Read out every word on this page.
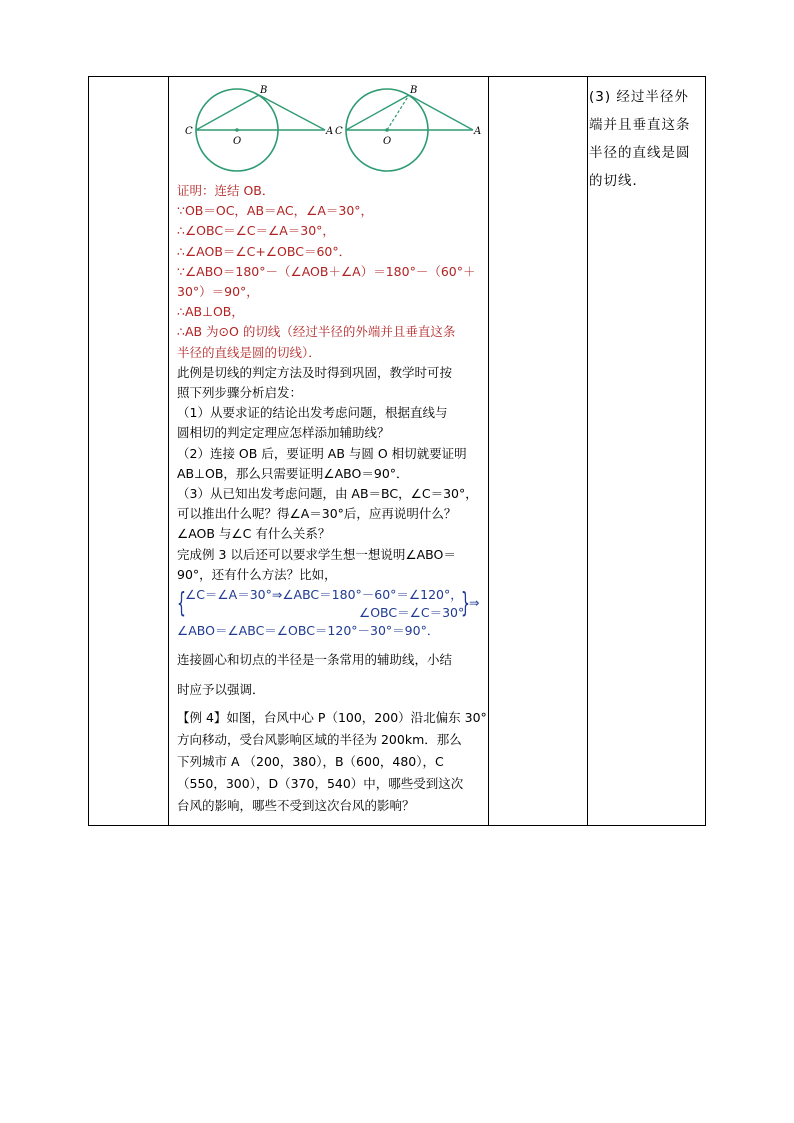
B
C
O
A
B
C
O
A
证明：连结 OB．
∵OB＝OC，AB＝AC，∠A＝30°，
∴∠OBC＝∠C＝∠A＝30°，
∴∠AOB＝∠C+∠OBC＝60°．
∵∠ABO＝180°－（∠AOB＋∠A）＝180°－（60°＋
30°）＝90°，
∴AB⊥OB，
∴AB 为⊙O 的切线（经过半径的外端并且垂直这条
半径的直线是圆的切线）．
此例是切线的判定方法及时得到巩固，教学时可按
照下列步骤分析启发：
（1）从要求证的结论出发考虑问题，根据直线与
圆相切的判定定理应怎样添加辅助线？
（2）连接 OB 后，要证明 AB 与圆 O 相切就要证明
AB⊥OB，那么只需要证明∠ABO＝90°．
（3）从已知出发考虑问题，由 AB＝BC，∠C＝30°，
可以推出什么呢？得∠A＝30°后，应再说明什么？
∠AOB 与∠C 有什么关系？
完成例 3 以后还可以要求学生想一想说明∠ABO＝
90°，还有什么方法？比如，
{ ∠C＝∠A＝30°⇒∠ABC＝180°－60°＝∠120°，
∠OBC＝∠C＝30°
} ⇒
∠ABO＝∠ABC＝∠OBC＝120°－30°＝90°．
连接圆心和切点的半径是一条常用的辅助线，小结
时应予以强调．
【例 4】如图，台风中心 P（100，200）沿北偏东 30°
方向移动，受台风影响区域的半径为 200km．那么
下列城市 A （200，380），B（600，480），C
（550，300），D（370，540）中，哪些受到这次
台风的影响，哪些不受到这次台风的影响？
(3) 经过半径外端并且垂直这条半径的直线是圆的切线．
